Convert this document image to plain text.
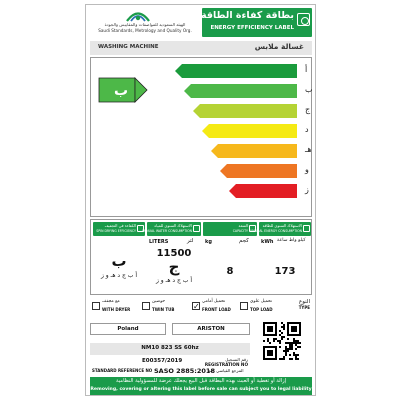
الهيئة السعودية للمواصفات والمقاييس والجودة
Saudi Standards, Metrology and Quality Org.
بطاقة كفاءة الطاقة
ENERGY EFFICIENCY LABEL
WASHING MACHINE	غسالة ملابس
ب
أ
ب
ج
د
هـ
و
ز
الكفاءة في التجفيف
SPIN DRYING EFFICIENCY
ب
أ ب ج د هـ و ز
الاستهلاك السنوي للمياه
ANNUAL WATER CONSUMPTION
LITERS	لتر
11500
ج
أ ب ج د هـ و ز
السعة
CAPACITY
kg	كجم
8
الاستهلاك السنوي للطاقة
ANNUAL ENERGY CONSUMPTION
kWh كيلو واط ساعة
173
مع مجفف
WITH DRYER
حوضين
TWIN TUB ✓
تحميل أمامي
FRONT LOAD
تحميل علوي
TOP LOAD
النوع
TYPE
Poland	ARISTON
NM10 823 SS 60hz
E00357/2019	رقم التسجيل
REGISTRATION NO
STANDARD REFERENCE NO SASO 2885:2018
المرجع القياسي رقم
إزالة أو تغطية أو العبث بهذه البطاقة قبل البيع يجعلك عرضة للمسؤولية النظامية
Removing, covering or altering this label before sale can subject you to legal liability
